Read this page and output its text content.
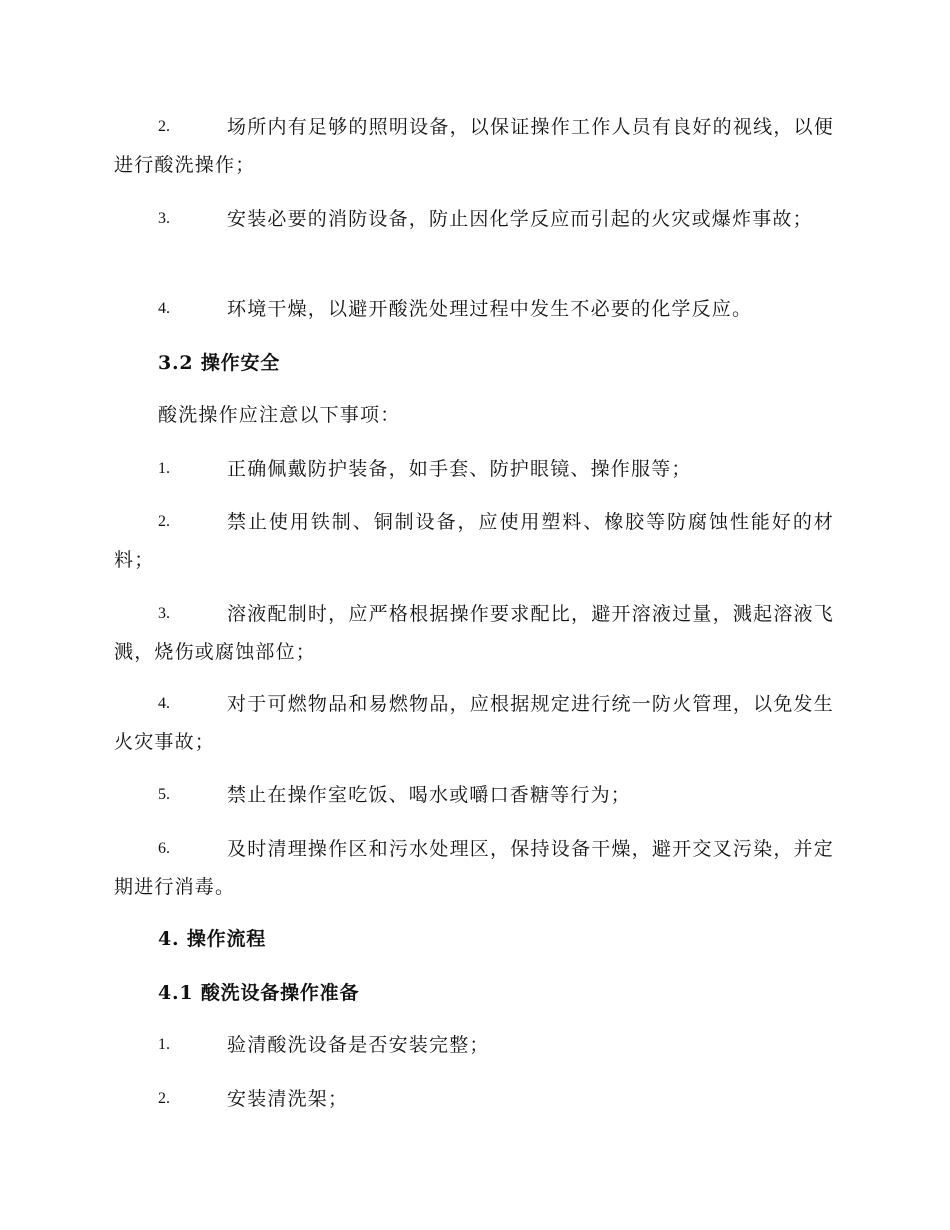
2.	场所内有足够的照明设备，以保证操作工作人员有良好的视线，以便进行酸洗操作；
3.	安装必要的消防设备，防止因化学反应而引起的火灾或爆炸事故；
4.	环境干燥，以避开酸洗处理过程中发生不必要的化学反应。
3.2 操作安全
酸洗操作应注意以下事项：
1.	正确佩戴防护装备，如手套、防护眼镜、操作服等；
2.	禁止使用铁制、铜制设备，应使用塑料、橡胶等防腐蚀性能好的材料；
3.	溶液配制时，应严格根据操作要求配比，避开溶液过量，溅起溶液飞溅，烧伤或腐蚀部位；
4.	对于可燃物品和易燃物品，应根据规定进行统一防火管理，以免发生火灾事故；
5.	禁止在操作室吃饭、喝水或嚼口香糖等行为；
6.	及时清理操作区和污水处理区，保持设备干燥，避开交叉污染，并定期进行消毒。
4. 操作流程
4.1 酸洗设备操作准备
1.	验清酸洗设备是否安装完整；
2.	安装清洗架；
